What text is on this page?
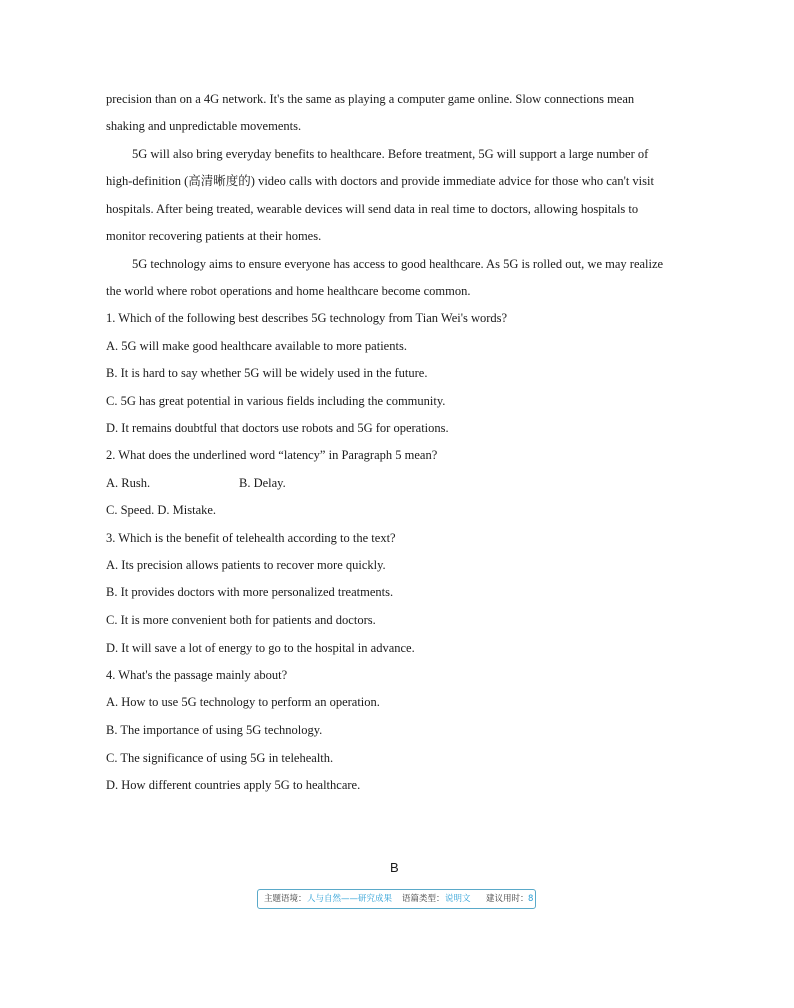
precision than on a 4G network. It's the same as playing a computer game online. Slow connections mean
shaking and unpredictable movements.
5G will also bring everyday benefits to healthcare. Before treatment, 5G will support a large number of
high-definition (高清晰度的) video calls with doctors and provide immediate advice for those who can't visit
hospitals. After being treated, wearable devices will send data in real time to doctors, allowing hospitals to
monitor recovering patients at their homes.
5G technology aims to ensure everyone has access to good healthcare. As 5G is rolled out, we may realize
the world where robot operations and home healthcare become common.
1. Which of the following best describes 5G technology from Tian Wei's words?
A. 5G will make good healthcare available to more patients.
B. It is hard to say whether 5G will be widely used in the future.
C. 5G has great potential in various fields including the community.
D. It remains doubtful that doctors use robots and 5G for operations.
2. What does the underlined word “latency” in Paragraph 5 mean?
A. Rush.	B. Delay.
C. Speed. D. Mistake.
3. Which is the benefit of telehealth according to the text?
A. Its precision allows patients to recover more quickly.
B. It provides doctors with more personalized treatments.
C. It is more convenient both for patients and doctors.
D. It will save a lot of energy to go to the hospital in advance.
4. What's the passage mainly about?
A. How to use 5G technology to perform an operation.
B. The importance of using 5G technology.
C. The significance of using 5G in telehealth.
D. How different countries apply 5G to healthcare.
B
主题语境： 人与自然——研究成果 语篇类型： 说明文 建议用时： 8
